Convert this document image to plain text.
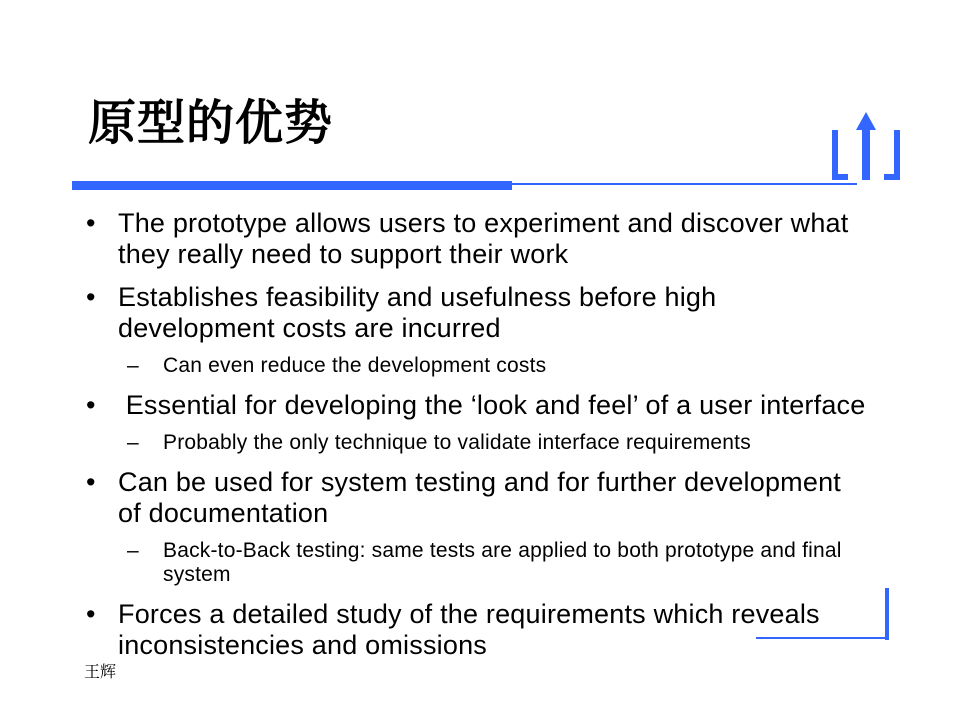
原型的优势
• The prototype allows users to experiment and discover what they really need to support their work
• Establishes feasibility and usefulness before high development costs are incurred
– Can even reduce the development costs
• Essential for developing the ‘look and feel’ of a user interface
– Probably the only technique to validate interface requirements
• Can be used for system testing and for further development of documentation
– Back-to-Back testing: same tests are applied to both prototype and final system
• Forces a detailed study of the requirements which reveals inconsistencies and omissions
王辉
